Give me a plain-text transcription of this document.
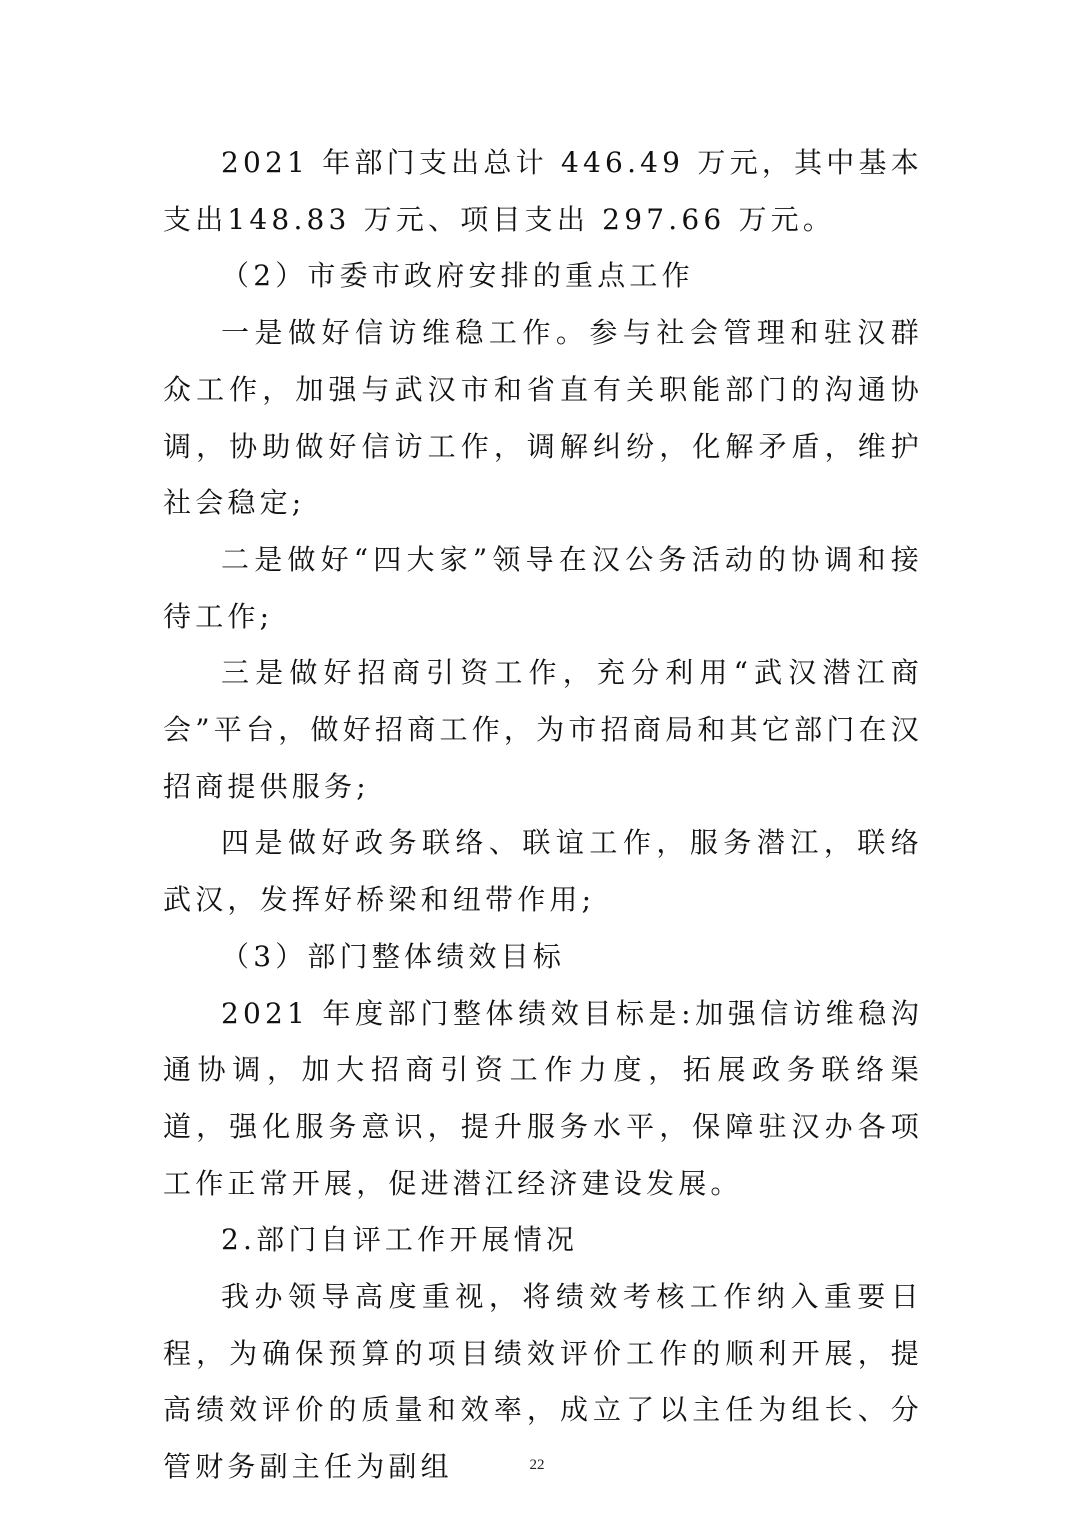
2021 年部门支出总计 446.49 万元，其中基本支出148.83 万元、项目支出 297.66 万元。

（2）市委市政府安排的重点工作

一是做好信访维稳工作。参与社会管理和驻汉群众工作，加强与武汉市和省直有关职能部门的沟通协调，协助做好信访工作，调解纠纷，化解矛盾，维护社会稳定;

二是做好“四大家”领导在汉公务活动的协调和接待工作;

三是做好招商引资工作，充分利用“武汉潜江商会”平台，做好招商工作，为市招商局和其它部门在汉招商提供服务;

四是做好政务联络、联谊工作，服务潜江，联络武汉，发挥好桥梁和纽带作用;

（3）部门整体绩效目标

2021 年度部门整体绩效目标是:加强信访维稳沟通协调，加大招商引资工作力度，拓展政务联络渠道，强化服务意识，提升服务水平，保障驻汉办各项工作正常开展，促进潜江经济建设发展。

2.部门自评工作开展情况

我办领导高度重视，将绩效考核工作纳入重要日程，为确保预算的项目绩效评价工作的顺利开展，提高绩效评价的质量和效率，成立了以主任为组长、分管财务副主任为副组	22
